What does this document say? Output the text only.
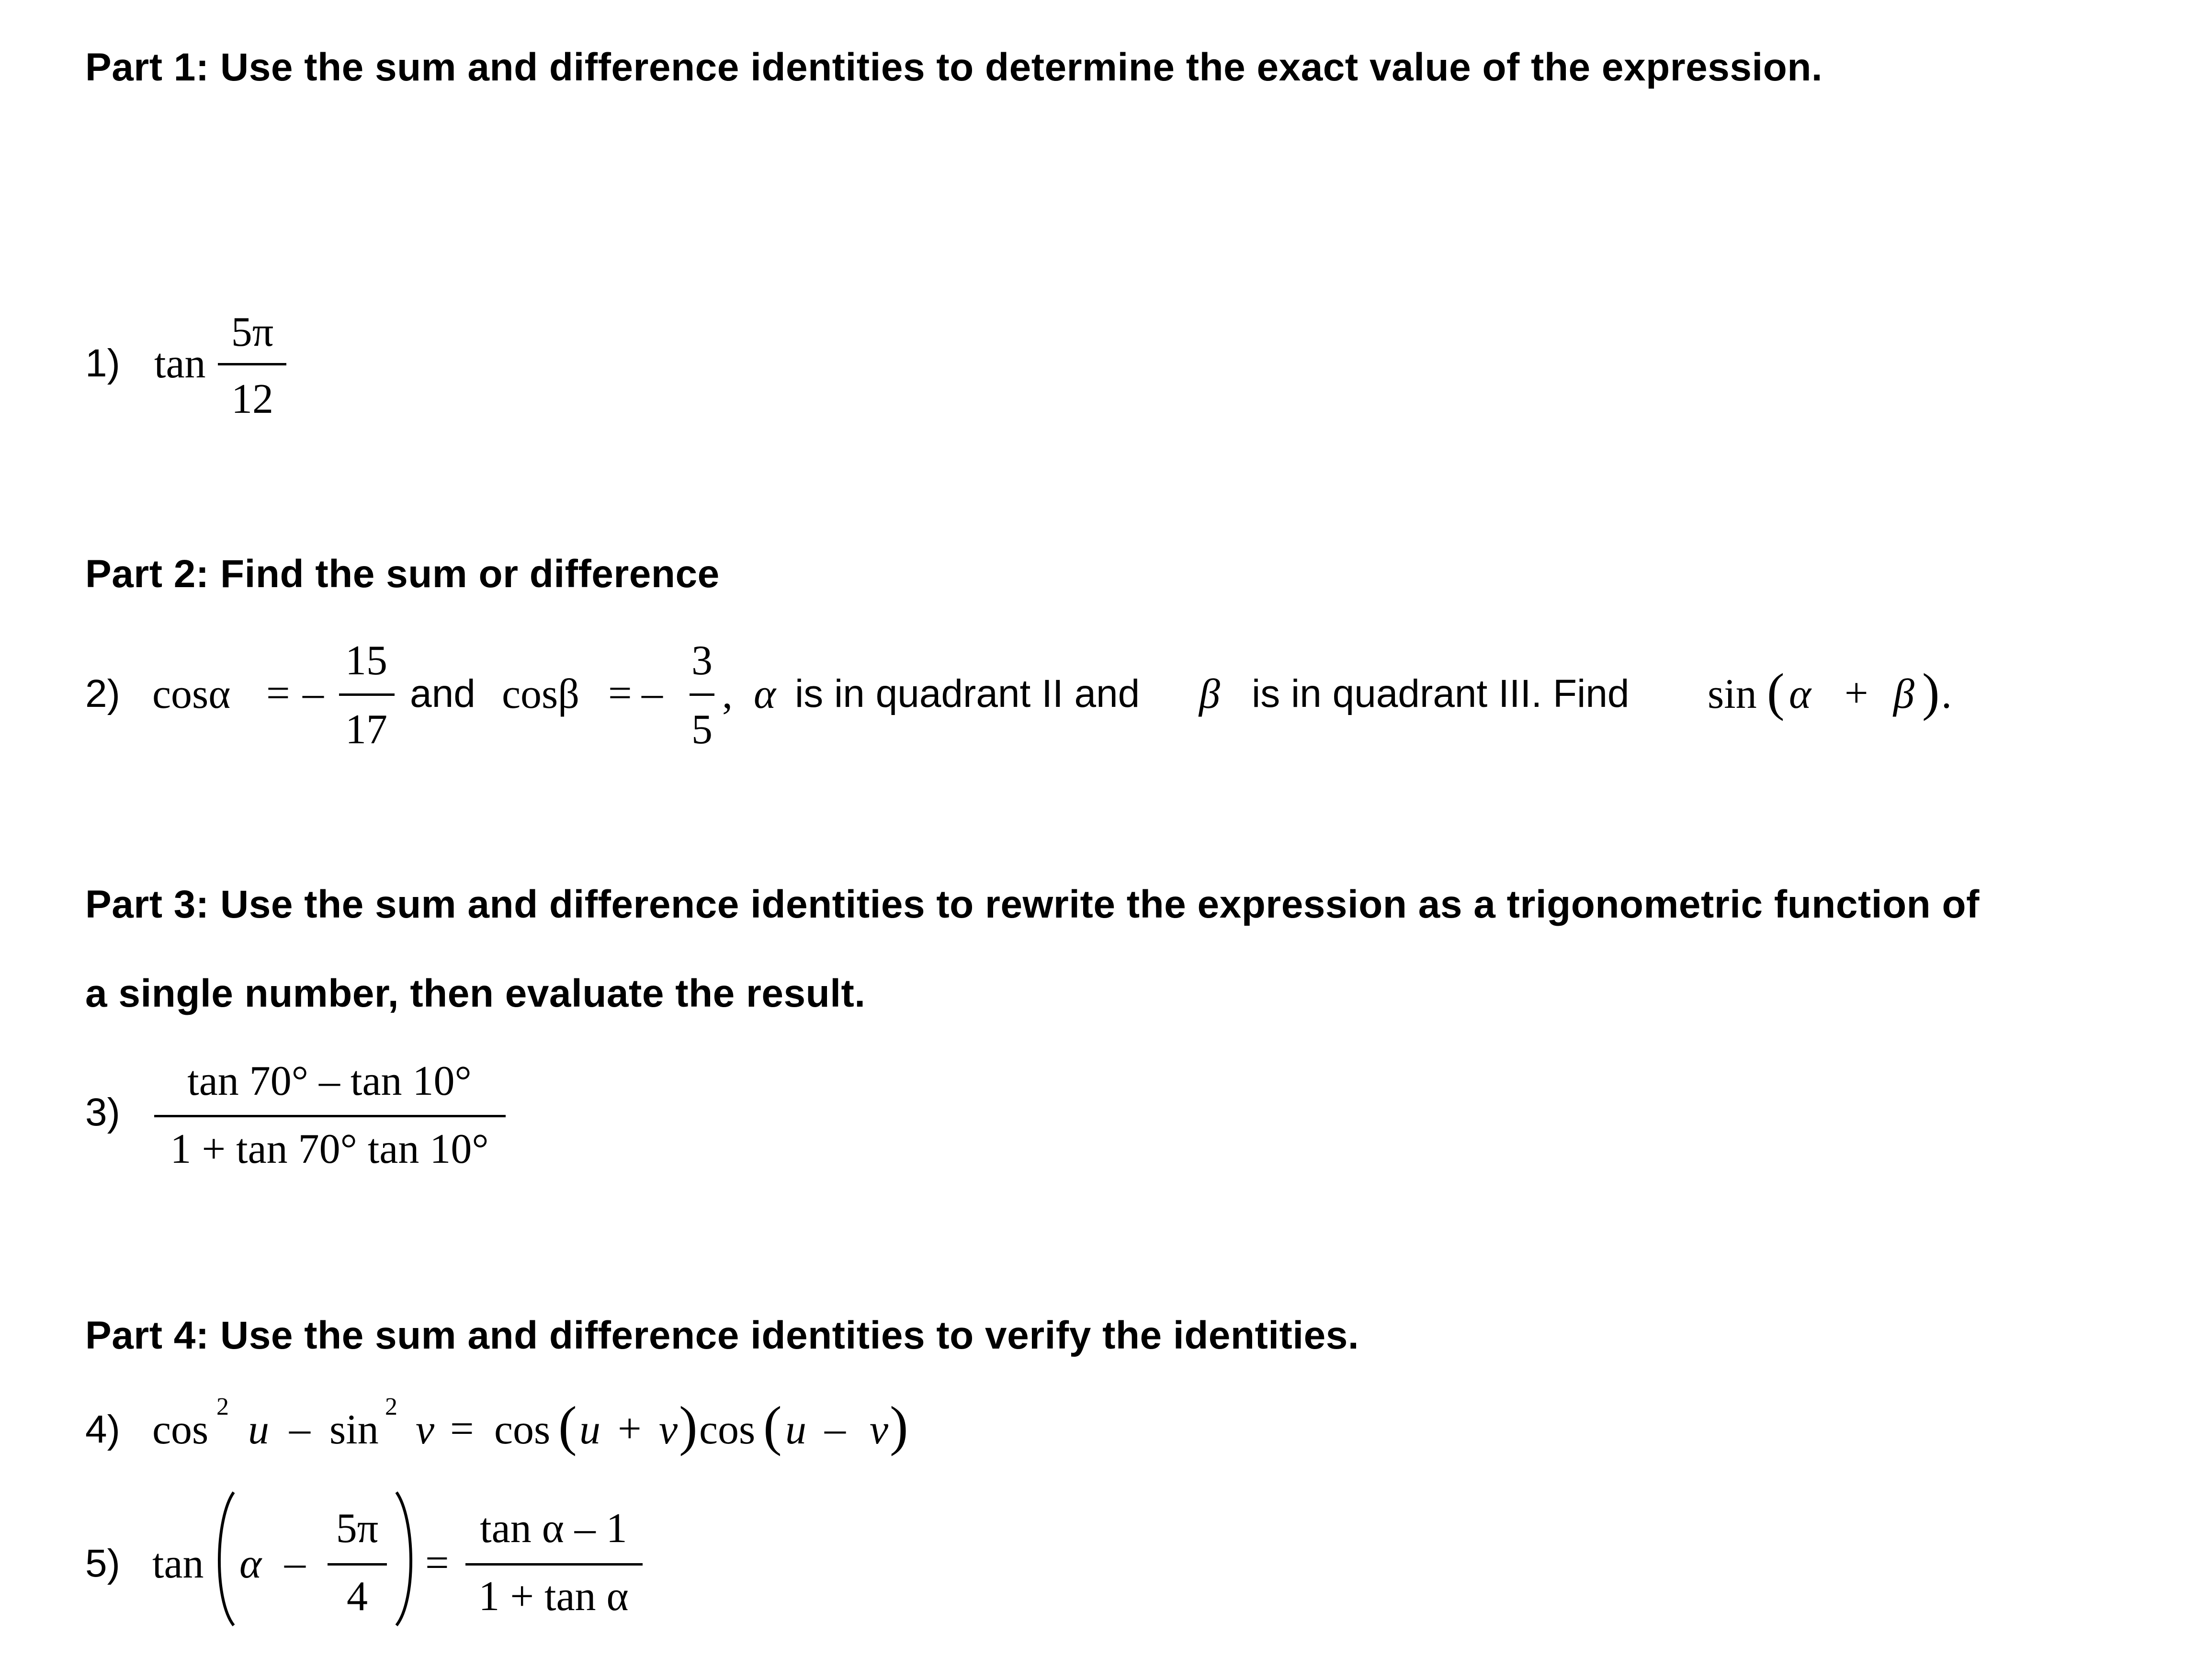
Part 1: Use the sum and difference identities to determine the exact value of the expression.
1) tan
5π
12
Part 2: Find the sum or difference
2) cosα = –
15
17
and cosβ = –
3
5
, α is in quadrant II and β is in quadrant III. Find sin ( α + β ) .
Part 3: Use the sum and difference identities to rewrite the expression as a trigonometric function of
a single number, then evaluate the result.
3)
tan 70° – tan 10°
1 + tan 70° tan 10°
Part 4: Use the sum and difference identities to verify the identities.
4) cos 2 u – sin 2 v = cos ( u + v ) cos ( u – v )
5) tan α –
5π
4
=
tan α – 1
1 + tan α
